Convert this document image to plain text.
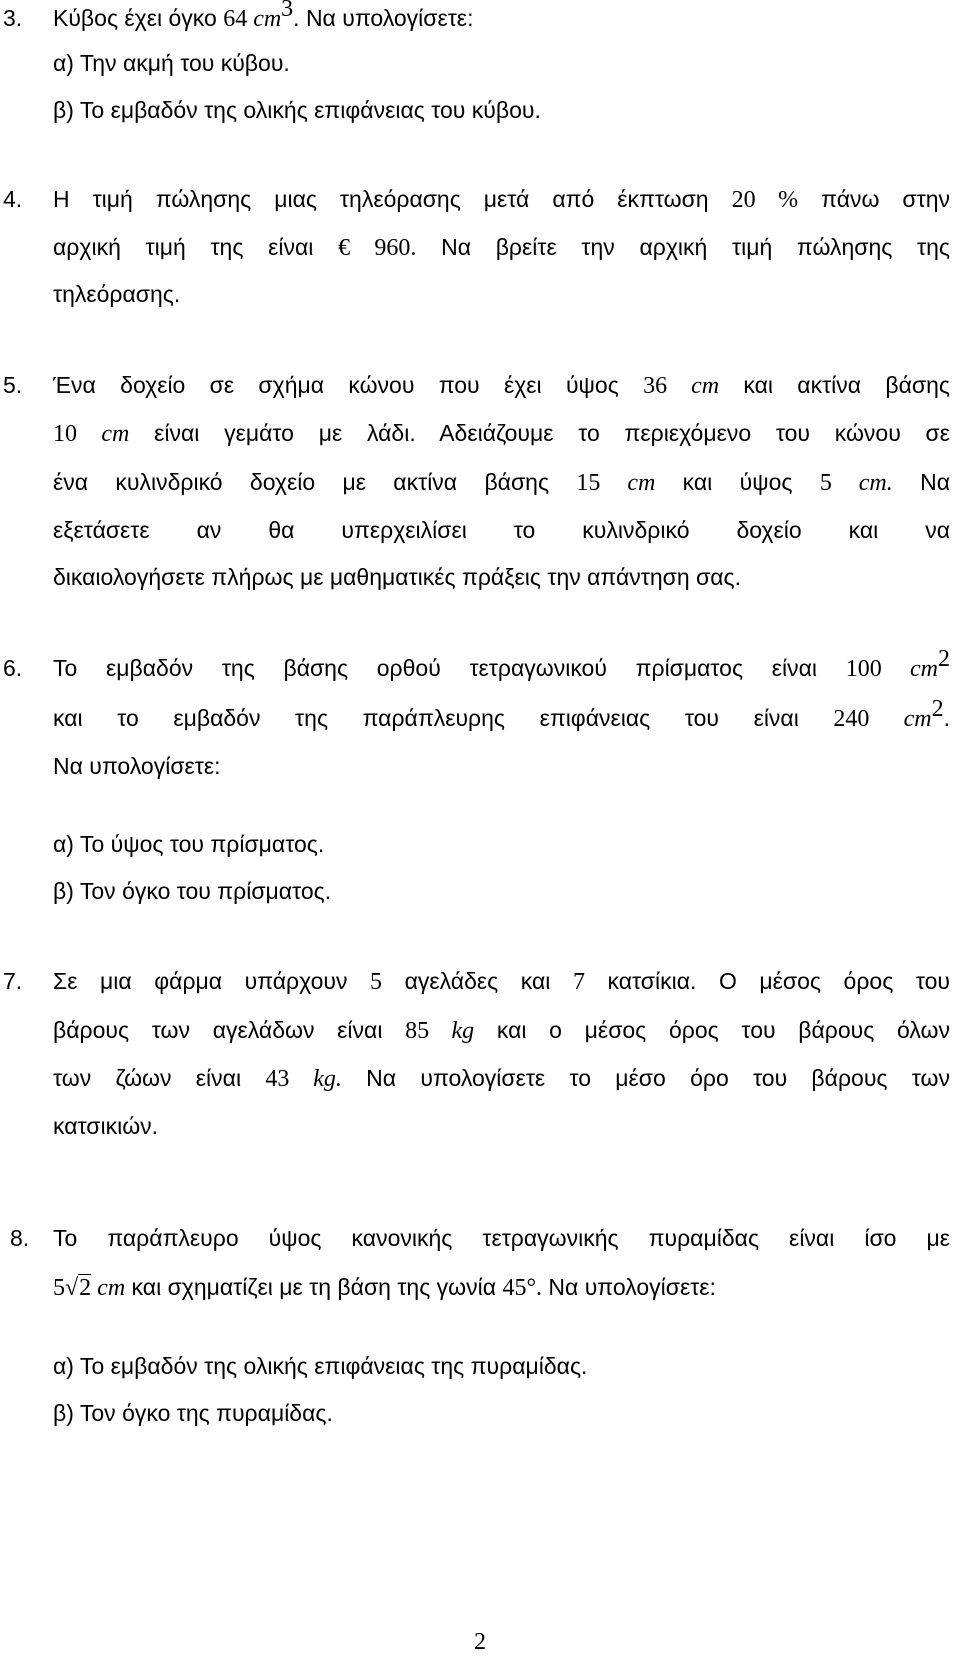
3. Κύβος έχει όγκο 64 $cm^3$. Να υπολογίσετε:
α) Την ακμή του κύβου.
β) Το εμβαδόν της ολικής επιφάνειας του κύβου.
4. Η τιμή πώλησης μιας τηλεόρασης μετά από έκπτωση 20 % πάνω στην
αρχική τιμή της είναι € 960. Να βρείτε την αρχική τιμή πώλησης της
τηλεόρασης.
5. Ένα δοχείο σε σχήμα κώνου που έχει ύψος 36 cm και ακτίνα βάσης
10 cm είναι γεμάτο με λάδι. Αδειάζουμε το περιεχόμενο του κώνου σε
ένα κυλινδρικό δοχείο με ακτίνα βάσης 15 cm και ύψος 5 cm. Να
εξετάσετε αν θα υπερχειλίσει το κυλινδρικό δοχείο και να
δικαιολογήσετε πλήρως με μαθηματικές πράξεις την απάντηση σας.
6. Το εμβαδόν της βάσης ορθού τετραγωνικού πρίσματος είναι 100 $cm^2$
και το εμβαδόν της παράπλευρης επιφάνειας του είναι 240 $cm^2$.
Να υπολογίσετε:
α) Το ύψος του πρίσματος.
β) Τον όγκο του πρίσματος.
7. Σε μια φάρμα υπάρχουν 5 αγελάδες και 7 κατσίκια. Ο μέσος όρος του
βάρους των αγελάδων είναι 85 kg και ο μέσος όρος του βάρους όλων
των ζώων είναι 43 kg. Να υπολογίσετε το μέσο όρο του βάρους των
κατσικιών.
8. Το παράπλευρο ύψος κανονικής τετραγωνικής πυραμίδας είναι ίσο με
5√2 cm και σχηματίζει με τη βάση της γωνία 45°. Να υπολογίσετε:
α) Το εμβαδόν της ολικής επιφάνειας της πυραμίδας.
β) Τον όγκο της πυραμίδας.
2
